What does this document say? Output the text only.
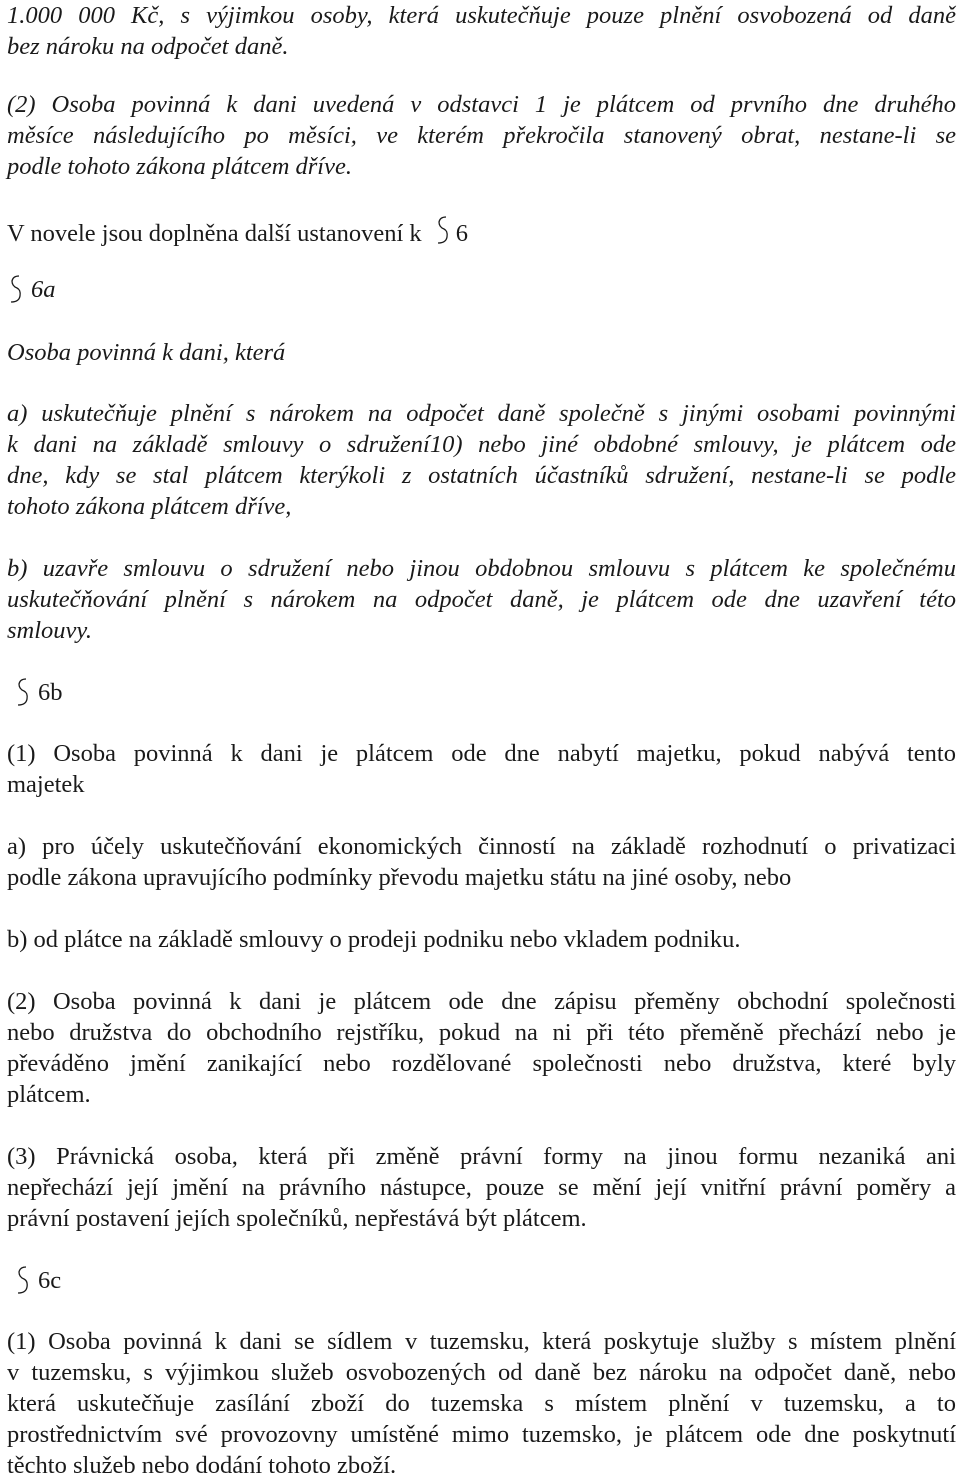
1.000 000 Kč, s výjimkou osoby, která uskutečňuje pouze plnění osvobozená od daně
bez nároku na odpočet daně.
(2) Osoba povinná k dani uvedená v odstavci 1 je plátcem od prvního dne druhého
měsíce následujícího po měsíci, ve kterém překročila stanovený obrat, nestane-li se
podle tohoto zákona plátcem dříve.
V novele jsou doplněna další ustanovení k 6
6a
Osoba povinná k dani, která
a) uskutečňuje plnění s nárokem na odpočet daně společně s jinými osobami povinnými
k dani na základě smlouvy o sdružení10) nebo jiné obdobné smlouvy, je plátcem ode
dne, kdy se stal plátcem kterýkoli z ostatních účastníků sdružení, nestane-li se podle
tohoto zákona plátcem dříve,
b) uzavře smlouvu o sdružení nebo jinou obdobnou smlouvu s plátcem ke společnému
uskutečňování plnění s nárokem na odpočet daně, je plátcem ode dne uzavření této
smlouvy.
6b
(1) Osoba povinná k dani je plátcem ode dne nabytí majetku, pokud nabývá tento
majetek
a) pro účely uskutečňování ekonomických činností na základě rozhodnutí o privatizaci
podle zákona upravujícího podmínky převodu majetku státu na jiné osoby, nebo
b) od plátce na základě smlouvy o prodeji podniku nebo vkladem podniku.
(2) Osoba povinná k dani je plátcem ode dne zápisu přeměny obchodní společnosti
nebo družstva do obchodního rejstříku, pokud na ni při této přeměně přechází nebo je
převáděno jmění zanikající nebo rozdělované společnosti nebo družstva, které byly
plátcem.
(3) Právnická osoba, která při změně právní formy na jinou formu nezaniká ani
nepřechází její jmění na právního nástupce, pouze se mění její vnitřní právní poměry a
právní postavení jejích společníků, nepřestává být plátcem.
6c
(1) Osoba povinná k dani se sídlem v tuzemsku, která poskytuje služby s místem plnění
v tuzemsku, s výjimkou služeb osvobozených od daně bez nároku na odpočet daně, nebo
která uskutečňuje zasílání zboží do tuzemska s místem plnění v tuzemsku, a to
prostřednictvím své provozovny umístěné mimo tuzemsko, je plátcem ode dne poskytnutí
těchto služeb nebo dodání tohoto zboží.
